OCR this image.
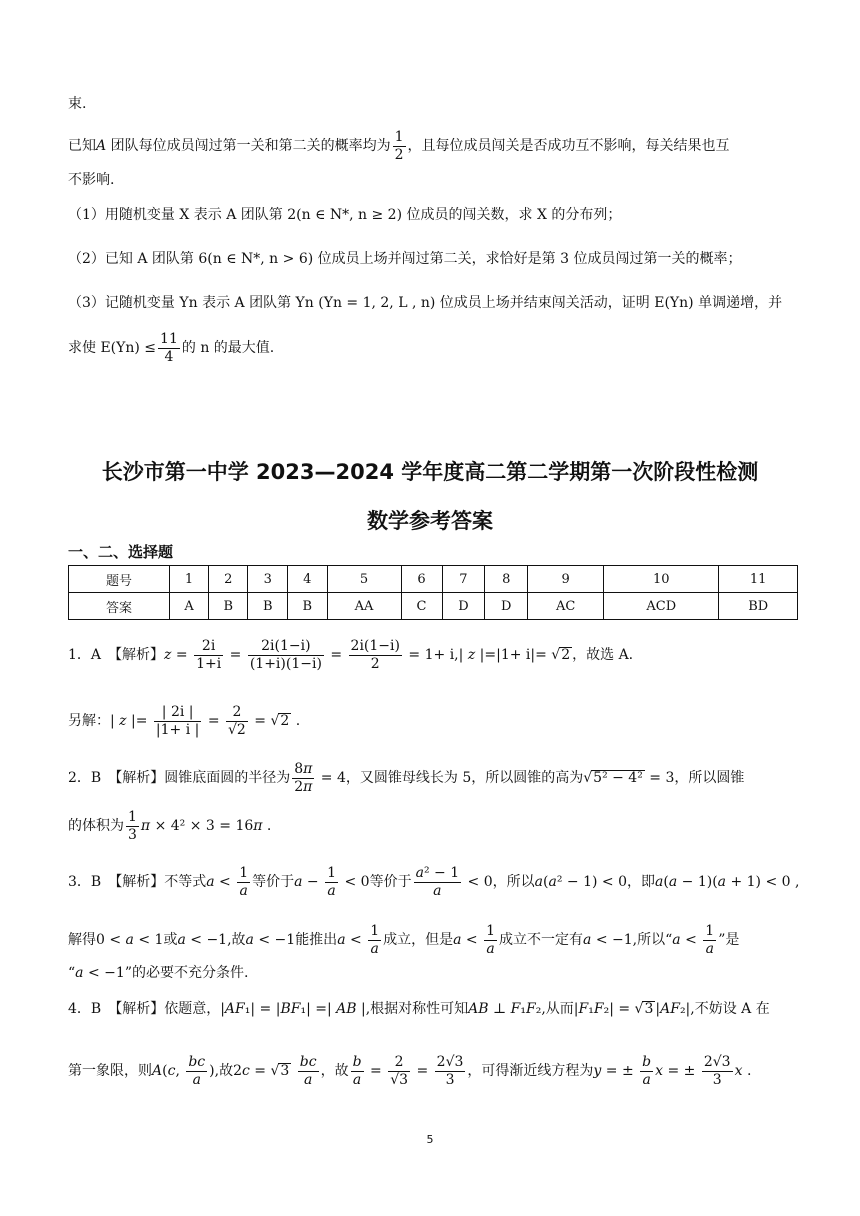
束.
已知A 团队每位成员闯过第一关和第二关的概率均为 $\frac{1}{2}$ ，且每位成员闯关是否成功互不影响，每关结果也互
不影响.
（1）用随机变量 X 表示 A 团队第 2(n ∈ N*, n ≥ 2) 位成员的闯关数，求 X 的分布列；
（2）已知 A 团队第 6(n ∈ N*, n > 6) 位成员上场并闯过第二关，求恰好是第 3 位成员闯过第一关的概率；
（3）记随机变量 Yn 表示 A 团队第 Yn (Yn = 1, 2, L , n) 位成员上场并结束闯关活动，证明 E(Yn) 单调递增，并
求使 $E(Yn) \le \frac{11}{4}$ 的 n 的最大值.
长沙市第一中学 2023—2024 学年度高二第二学期第一次阶段性检测
数学参考答案
一、二、选择题
题号	1	2	3	4	5	6	7	8	9	10	11
答案	A	B	B	B	AA	C	D	D	AC	ACD	BD
1．A　【解析】$z = \frac{2i}{1+i} = \frac{2i(1-i)}{(1+i)(1-i)} = \frac{2i(1-i)}{2} = 1+ i,|$ z |=|1+ i|= √2 ，故选 A.
另解：| z |= $\frac{| 2i |}{|1+ i |} = \frac{2}{√2} = √2$ .
2．B　【解析】圆锥底面圆的半径为 $\frac{8\pi}{2\pi} = 4$，又圆锥母线长为 5，所以圆锥的高为√5² − 4² = 3，所以圆锥
的体积为 $\frac{1}{3}$ π × 4² × 3 = 16π .
3．B　【解析】不等式$a < \frac{1}{a}$ 等价于$a - \frac{1}{a} < 0$等价于 $\frac{\text{a² − 1}}{a} < 0$，所以a(a² − 1) < 0，即a(a − 1)(a + 1) < 0 ,
解得0 < a < 1或a < −1,故a < −1能推出$a < \frac{1}{a}$ 成立，但是$a < \frac{1}{a}$ 成立不一定有a < −1,所以“$a < \frac{1}{a}$ ”是
“a < −1”的必要不充分条件.
4．B　【解析】依题意，|AF₁| = |BF₁| =| AB |,根据对称性可知AB ⊥ F₁F₂,从而|F₁F₂| = √3 |AF₂|,不妨设 A 在
第一象限，则A(c, $\frac{bc}{a}$ ),故$2c = √3 \frac{bc}{a}$ ，故 $\frac{b}{a} = \frac{2}{√3} = \frac{2√3}{3}$ ，可得渐近线方程为y = ± $\frac{b}{a}$ x = ± $\frac{2√3}{3}$ x .
5
